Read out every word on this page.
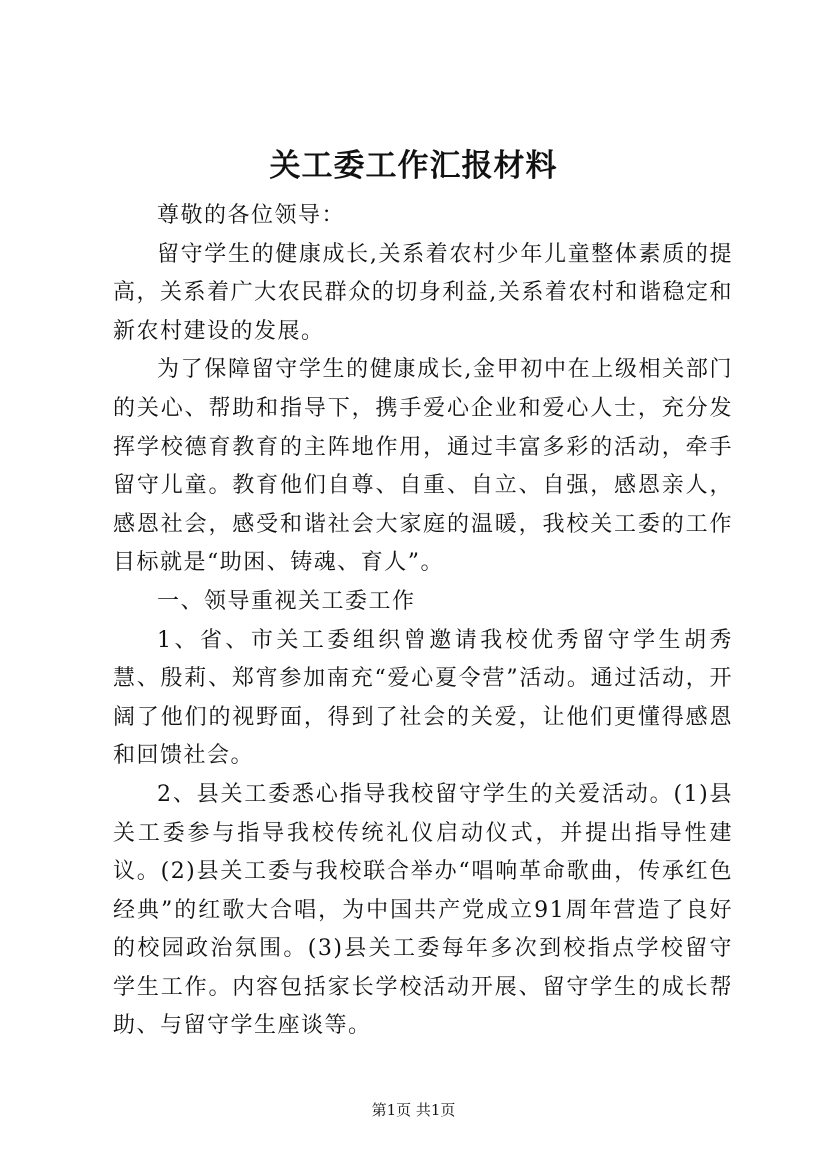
关工委工作汇报材料

尊敬的各位领导：

留守学生的健康成长,关系着农村少年儿童整体素质的提高，关系着广大农民群众的切身利益,关系着农村和谐稳定和新农村建设的发展。

为了保障留守学生的健康成长,金甲初中在上级相关部门的关心、帮助和指导下，携手爱心企业和爱心人士，充分发挥学校德育教育的主阵地作用，通过丰富多彩的活动，牵手留守儿童。教育他们自尊、自重、自立、自强，感恩亲人，感恩社会，感受和谐社会大家庭的温暖，我校关工委的工作目标就是“助困、铸魂、育人”。

一、领导重视关工委工作

1、省、市关工委组织曾邀请我校优秀留守学生胡秀慧、殷莉、郑宵参加南充“爱心夏令营”活动。通过活动，开阔了他们的视野面，得到了社会的关爱，让他们更懂得感恩和回馈社会。

2、县关工委悉心指导我校留守学生的关爱活动。(1)县关工委参与指导我校传统礼仪启动仪式，并提出指导性建议。(2)县关工委与我校联合举办“唱响革命歌曲，传承红色经典”的红歌大合唱，为中国共产党成立91周年营造了良好的校园政治氛围。(3)县关工委每年多次到校指点学校留守学生工作。内容包括家长学校活动开展、留守学生的成长帮助、与留守学生座谈等。

第1页 共1页
